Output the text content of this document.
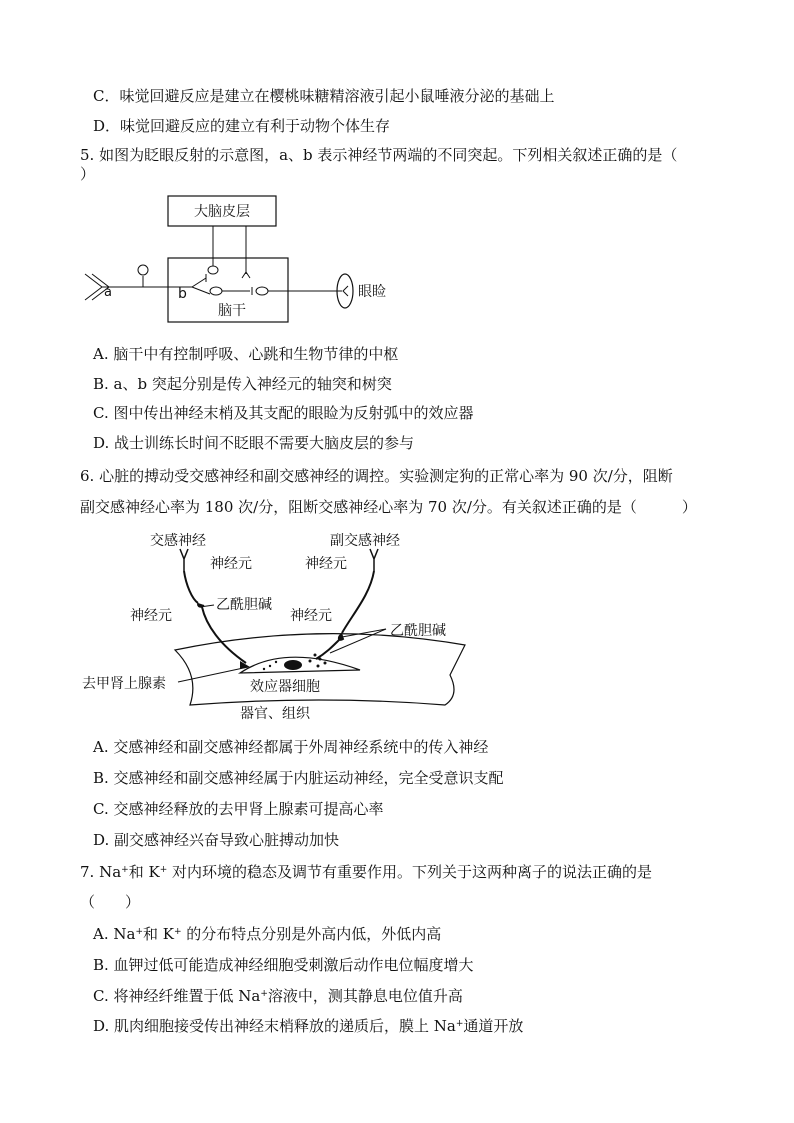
C．味觉回避反应是建立在樱桃味糖精溶液引起小鼠唾液分泌的基础上
D．味觉回避反应的建立有利于动物个体生存
5. 如图为眨眼反射的示意图，a、b 表示神经节两端的不同突起。下列相关叙述正确的是（
）
大脑皮层
脑干
a	b	眼睑
A. 脑干中有控制呼吸、心跳和生物节律的中枢
B. a、b 突起分别是传入神经元的轴突和树突
C. 图中传出神经末梢及其支配的眼睑为反射弧中的效应器
D. 战士训练长时间不眨眼不需要大脑皮层的参与
6. 心脏的搏动受交感神经和副交感神经的调控。实验测定狗的正常心率为 90 次/分，阻断
副交感神经心率为 180 次/分，阻断交感神经心率为 70 次/分。有关叙述正确的是（　　　）
交感神经	副交感神经
神经元
神经元
乙酰胆碱
神经元
神经元
乙酰胆碱
效应器细胞
去甲肾上腺素
器官、组织
A. 交感神经和副交感神经都属于外周神经系统中的传入神经
B. 交感神经和副交感神经属于内脏运动神经，完全受意识支配
C. 交感神经释放的去甲肾上腺素可提高心率
D. 副交感神经兴奋导致心脏搏动加快
7. Na+和 K+ 对内环境的稳态及调节有重要作用。下列关于这两种离子的说法正确的是
（　　）
A. Na+和 K+ 的分布特点分别是外高内低，外低内高
B. 血钾过低可能造成神经细胞受刺激后动作电位幅度增大
C. 将神经纤维置于低 Na+溶液中，测其静息电位值升高
D. 肌肉细胞接受传出神经末梢释放的递质后，膜上 Na+通道开放
